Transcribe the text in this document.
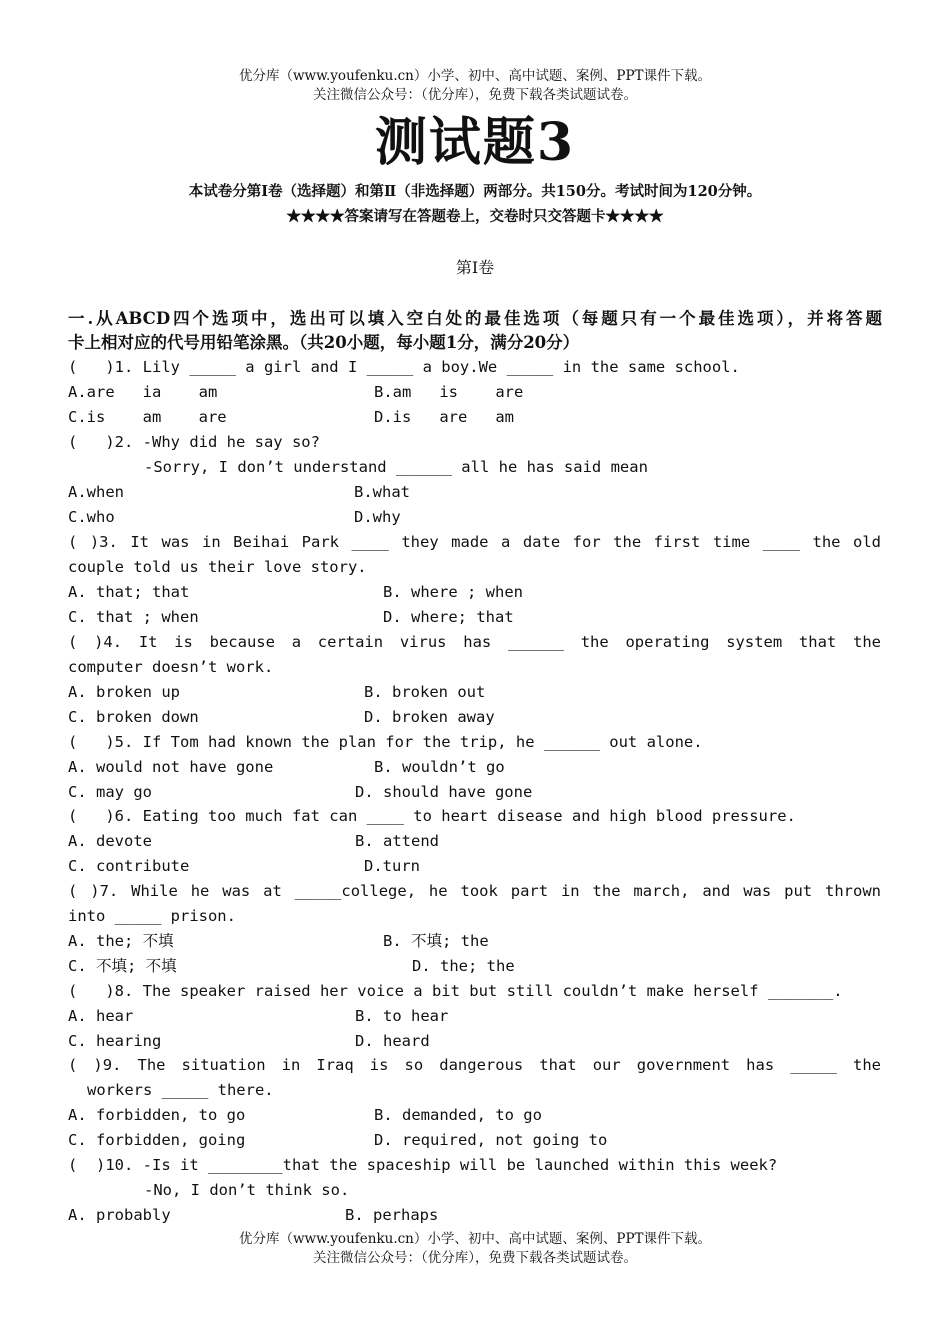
优分库（www.youfenku.cn）小学、初中、高中试题、案例、PPT课件下载。
关注微信公众号：（优分库），免费下载各类试题试卷。
测试题3
本试卷分第Ⅰ卷（选择题）和第Ⅱ（非选择题）两部分。共150分。考试时间为120分钟。
★★★★答案请写在答题卷上，交卷时只交答题卡★★★★
第Ⅰ卷
一.从ABCD四个选项中，选出可以填入空白处的最佳选项（每题只有一个最佳选项），并将答题
卡上相对应的代号用铅笔涂黑。（共20小题，每小题1分，满分20分）
(   )1. Lily _____ a girl and I _____ a boy.We _____ in the same school.
A.are   ia    am	B.am   is    are
C.is    am    are	D.is   are   am
(   )2. -Why did he say so?
-Sorry, I don’t understand ______ all he has said mean
A.when	B.what
C.who	D.why
( )3. It was in Beihai Park ____ they made a date for the first time ____ the old
couple told us their love story.
A. that; that	B. where ; when
C. that ; when	D. where; that
( )4. It is because a certain virus has ______ the operating system that the
computer doesn’t work.
A. broken up	B. broken out
C. broken down	D. broken away
(   )5. If Tom had known the plan for the trip, he ______ out alone.
A. would not have gone	B. wouldn’t go
C. may go	D. should have gone
(   )6. Eating too much fat can ____ to heart disease and high blood pressure.
A. devote	B. attend
C. contribute	D.turn
( )7. While he was at _____college, he took part in the march, and was put thrown
into _____ prison.
A. the; 不填	B. 不填; the
C. 不填; 不填	D. the; the
(   )8. The speaker raised her voice a bit but still couldn’t make herself _______.
A. hear	B. to hear
C. hearing	D. heard
( )9. The situation in Iraq is so dangerous that our government has _____ the
workers _____ there.
A. forbidden, to go	B. demanded, to go
C. forbidden, going	D. required, not going to
(  )10. -Is it ________that the spaceship will be launched within this week?
-No, I don’t think so.
A. probably	B. perhaps
优分库（www.youfenku.cn）小学、初中、高中试题、案例、PPT课件下载。
关注微信公众号：（优分库），免费下载各类试题试卷。
